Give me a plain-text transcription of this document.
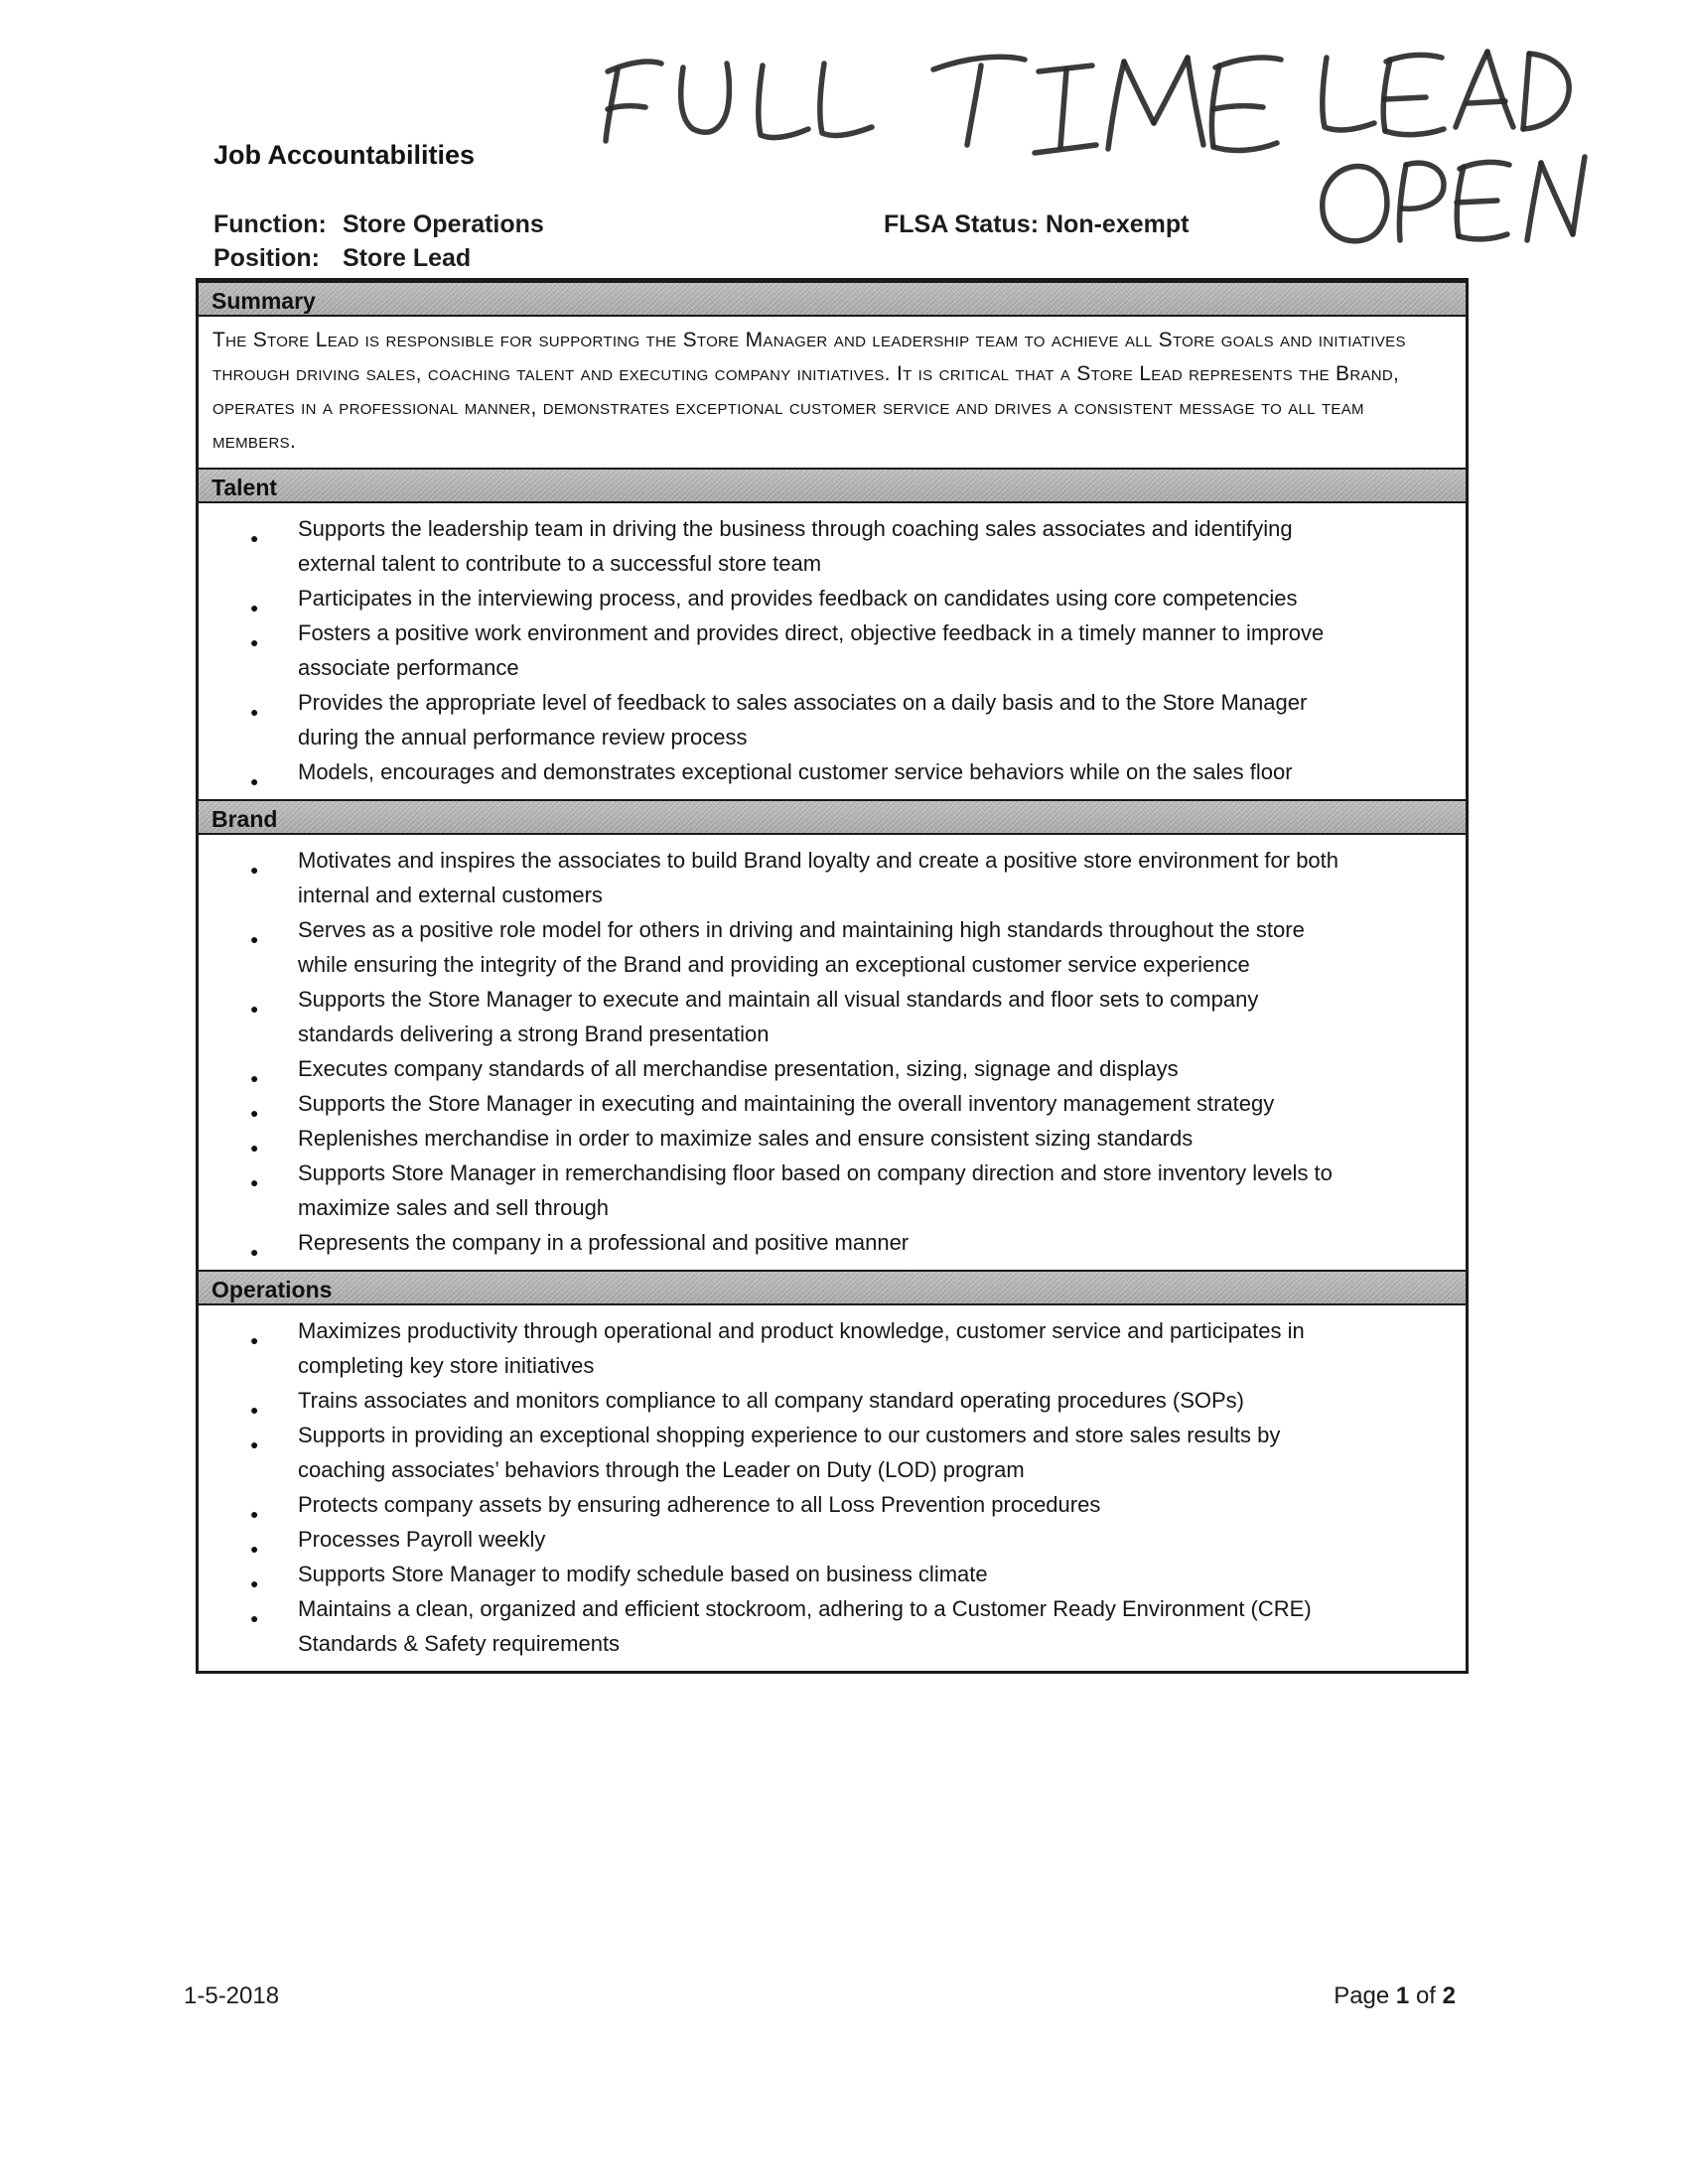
Job Accountabilities
Function: Store Operations	FLSA Status: Non-exempt
Position: Store Lead
Summary

The Store Lead is responsible for supporting the Store Manager and leadership team to achieve all Store goals and initiatives through driving sales, coaching talent and executing company initiatives. It is critical that a Store Lead represents the Brand, operates in a professional manner, demonstrates exceptional customer service and drives a consistent message to all team members.

Talent
● Supports the leadership team in driving the business through coaching sales associates and identifying external talent to contribute to a successful store team
● Participates in the interviewing process, and provides feedback on candidates using core competencies
● Fosters a positive work environment and provides direct, objective feedback in a timely manner to improve associate performance
● Provides the appropriate level of feedback to sales associates on a daily basis and to the Store Manager during the annual performance review process
● Models, encourages and demonstrates exceptional customer service behaviors while on the sales floor
Brand
● Motivates and inspires the associates to build Brand loyalty and create a positive store environment for both internal and external customers
● Serves as a positive role model for others in driving and maintaining high standards throughout the store while ensuring the integrity of the Brand and providing an exceptional customer service experience
● Supports the Store Manager to execute and maintain all visual standards and floor sets to company standards delivering a strong Brand presentation
● Executes company standards of all merchandise presentation, sizing, signage and displays
● Supports the Store Manager in executing and maintaining the overall inventory management strategy
● Replenishes merchandise in order to maximize sales and ensure consistent sizing standards
● Supports Store Manager in remerchandising floor based on company direction and store inventory levels to maximize sales and sell through
● Represents the company in a professional and positive manner
Operations
● Maximizes productivity through operational and product knowledge, customer service and participates in completing key store initiatives
● Trains associates and monitors compliance to all company standard operating procedures (SOPs)
● Supports in providing an exceptional shopping experience to our customers and store sales results by coaching associates’ behaviors through the Leader on Duty (LOD) program
● Protects company assets by ensuring adherence to all Loss Prevention procedures
● Processes Payroll weekly
● Supports Store Manager to modify schedule based on business climate
● Maintains a clean, organized and efficient stockroom, adhering to a Customer Ready Environment (CRE) Standards & Safety requirements
1-5-2018	Page 1 of 2
